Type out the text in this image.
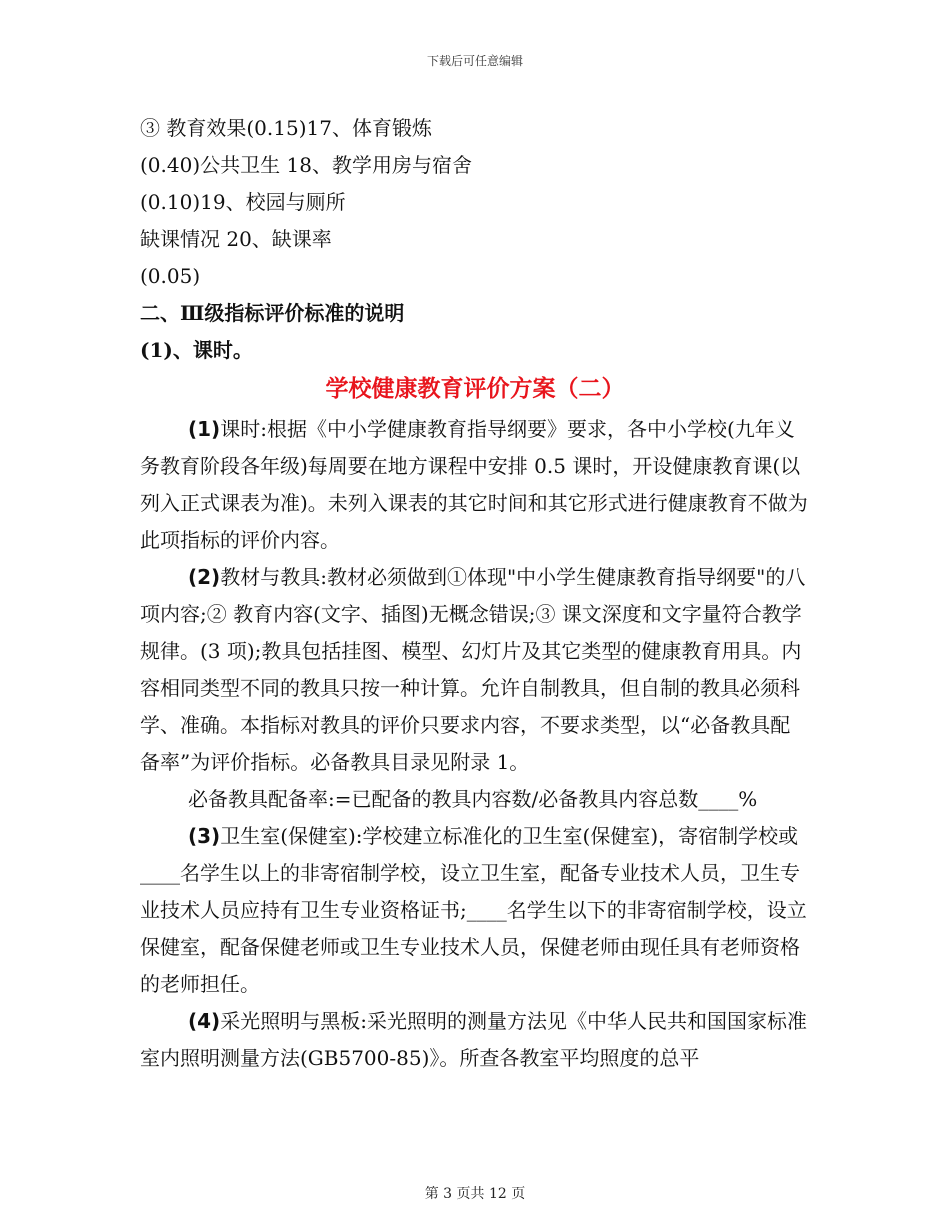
下载后可任意编辑
③ 教育效果(0.15)17、体育锻炼
(0.40)公共卫生 18、教学用房与宿舍
(0.10)19、校园与厕所
缺课情况 20、缺课率
(0.05)
二、Ⅲ级指标评价标准的说明
(1)、课时。
学校健康教育评价方案（二）

(1)课时:根据《中小学健康教育指导纲要》要求，各中小学校(九年义务教育阶段各年级)每周要在地方课程中安排 0.5 课时，开设健康教育课(以列入正式课表为准)。未列入课表的其它时间和其它形式进行健康教育不做为此项指标的评价内容。

(2)教材与教具:教材必须做到①体现"中小学生健康教育指导纲要"的八项内容;② 教育内容(文字、插图)无概念错误;③ 课文深度和文字量符合教学规律。(3 项);教具包括挂图、模型、幻灯片及其它类型的健康教育用具。内容相同类型不同的教具只按一种计算。允许自制教具，但自制的教具必须科学、准确。本指标对教具的评价只要求内容，不要求类型，以“必备教具配备率”为评价指标。必备教具目录见附录 1。

必备教具配备率:=已配备的教具内容数/必备教具内容总数____%

(3)卫生室(保健室):学校建立标准化的卫生室(保健室)，寄宿制学校或____名学生以上的非寄宿制学校，设立卫生室，配备专业技术人员，卫生专业技术人员应持有卫生专业资格证书;____名学生以下的非寄宿制学校，设立保健室，配备保健老师或卫生专业技术人员，保健老师由现任具有老师资格的老师担任。

(4)采光照明与黑板:采光照明的测量方法见《中华人民共和国国家标准室内照明测量方法(GB5700-85)》。所查各教室平均照度的总平

第 3 页共 12 页
